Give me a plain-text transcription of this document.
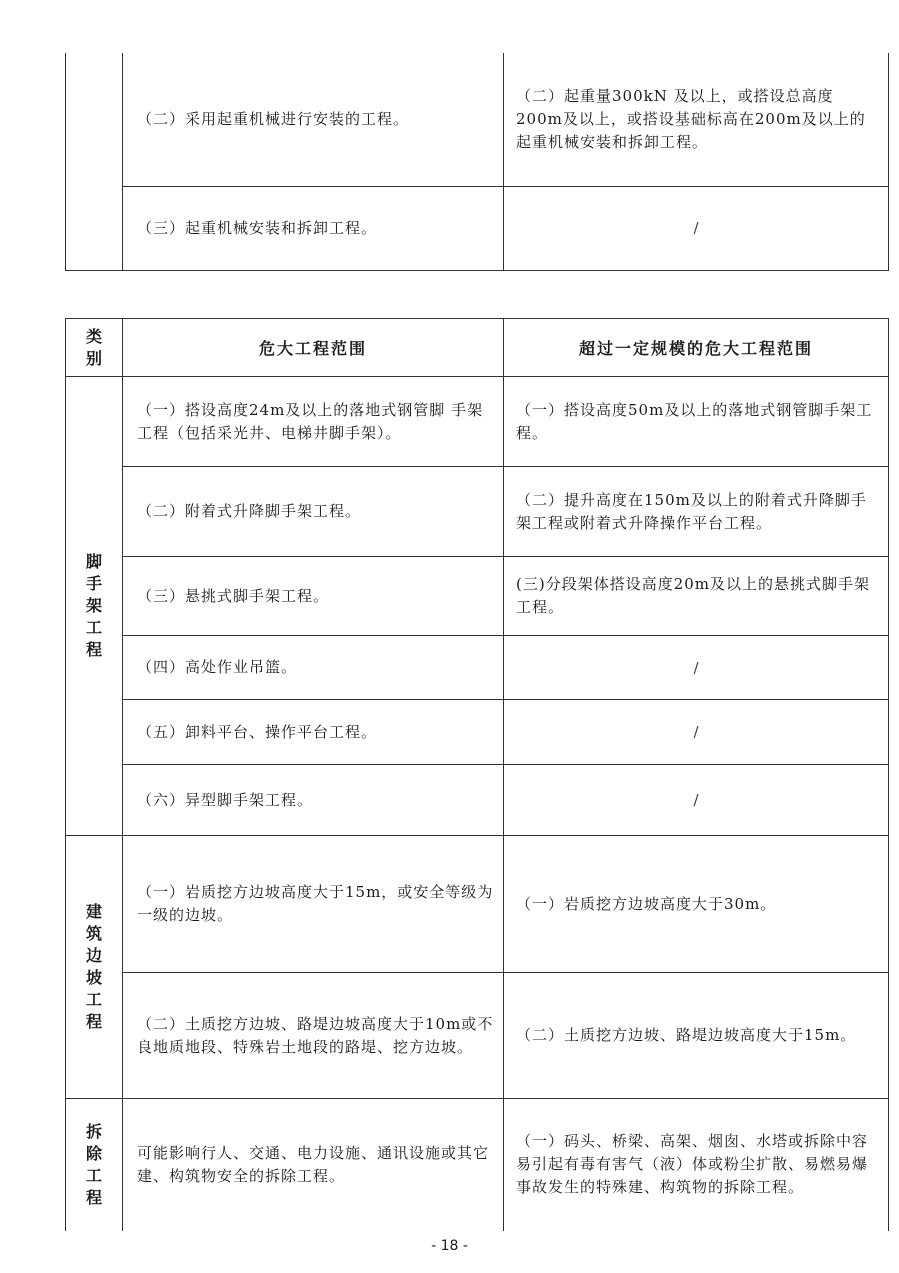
	（二）采用起重机械进行安装的工程。	（二）起重量300kN 及以上，或搭设总高度200m及以上，或搭设基础标高在200m及以上的起重机械安装和拆卸工程。
	（三）起重机械安装和拆卸工程。	/
类别	危大工程范围	超过一定规模的危大工程范围

脚手架工程	（一）搭设高度24m及以上的落地式钢管脚 手架工程（包括采光井、电梯井脚手架）。	（一）搭设高度50m及以上的落地式钢管脚手架工程。
	（二）附着式升降脚手架工程。	（二）提升高度在150m及以上的附着式升降脚手架工程或附着式升降操作平台工程。
	（三）悬挑式脚手架工程。	(三)分段架体搭设高度20m及以上的悬挑式脚手架工程。
	（四）高处作业吊篮。	/
	（五）卸料平台、操作平台工程。	/
	（六）异型脚手架工程。	/

建筑边坡工程	（一）岩质挖方边坡高度大于15m，或安全等级为一级的边坡。	（一）岩质挖方边坡高度大于30m。
	（二）土质挖方边坡、路堤边坡高度大于10m或不良地质地段、特殊岩土地段的路堤、挖方边坡。	（二）土质挖方边坡、路堤边坡高度大于15m。

拆除工程	可能影响行人、交通、电力设施、通讯设施或其它建、构筑物安全的拆除工程。	（一）码头、桥梁、高架、烟囱、水塔或拆除中容易引起有毒有害气（液）体或粉尘扩散、易燃易爆事故发生的特殊建、构筑物的拆除工程。
- 18 -
